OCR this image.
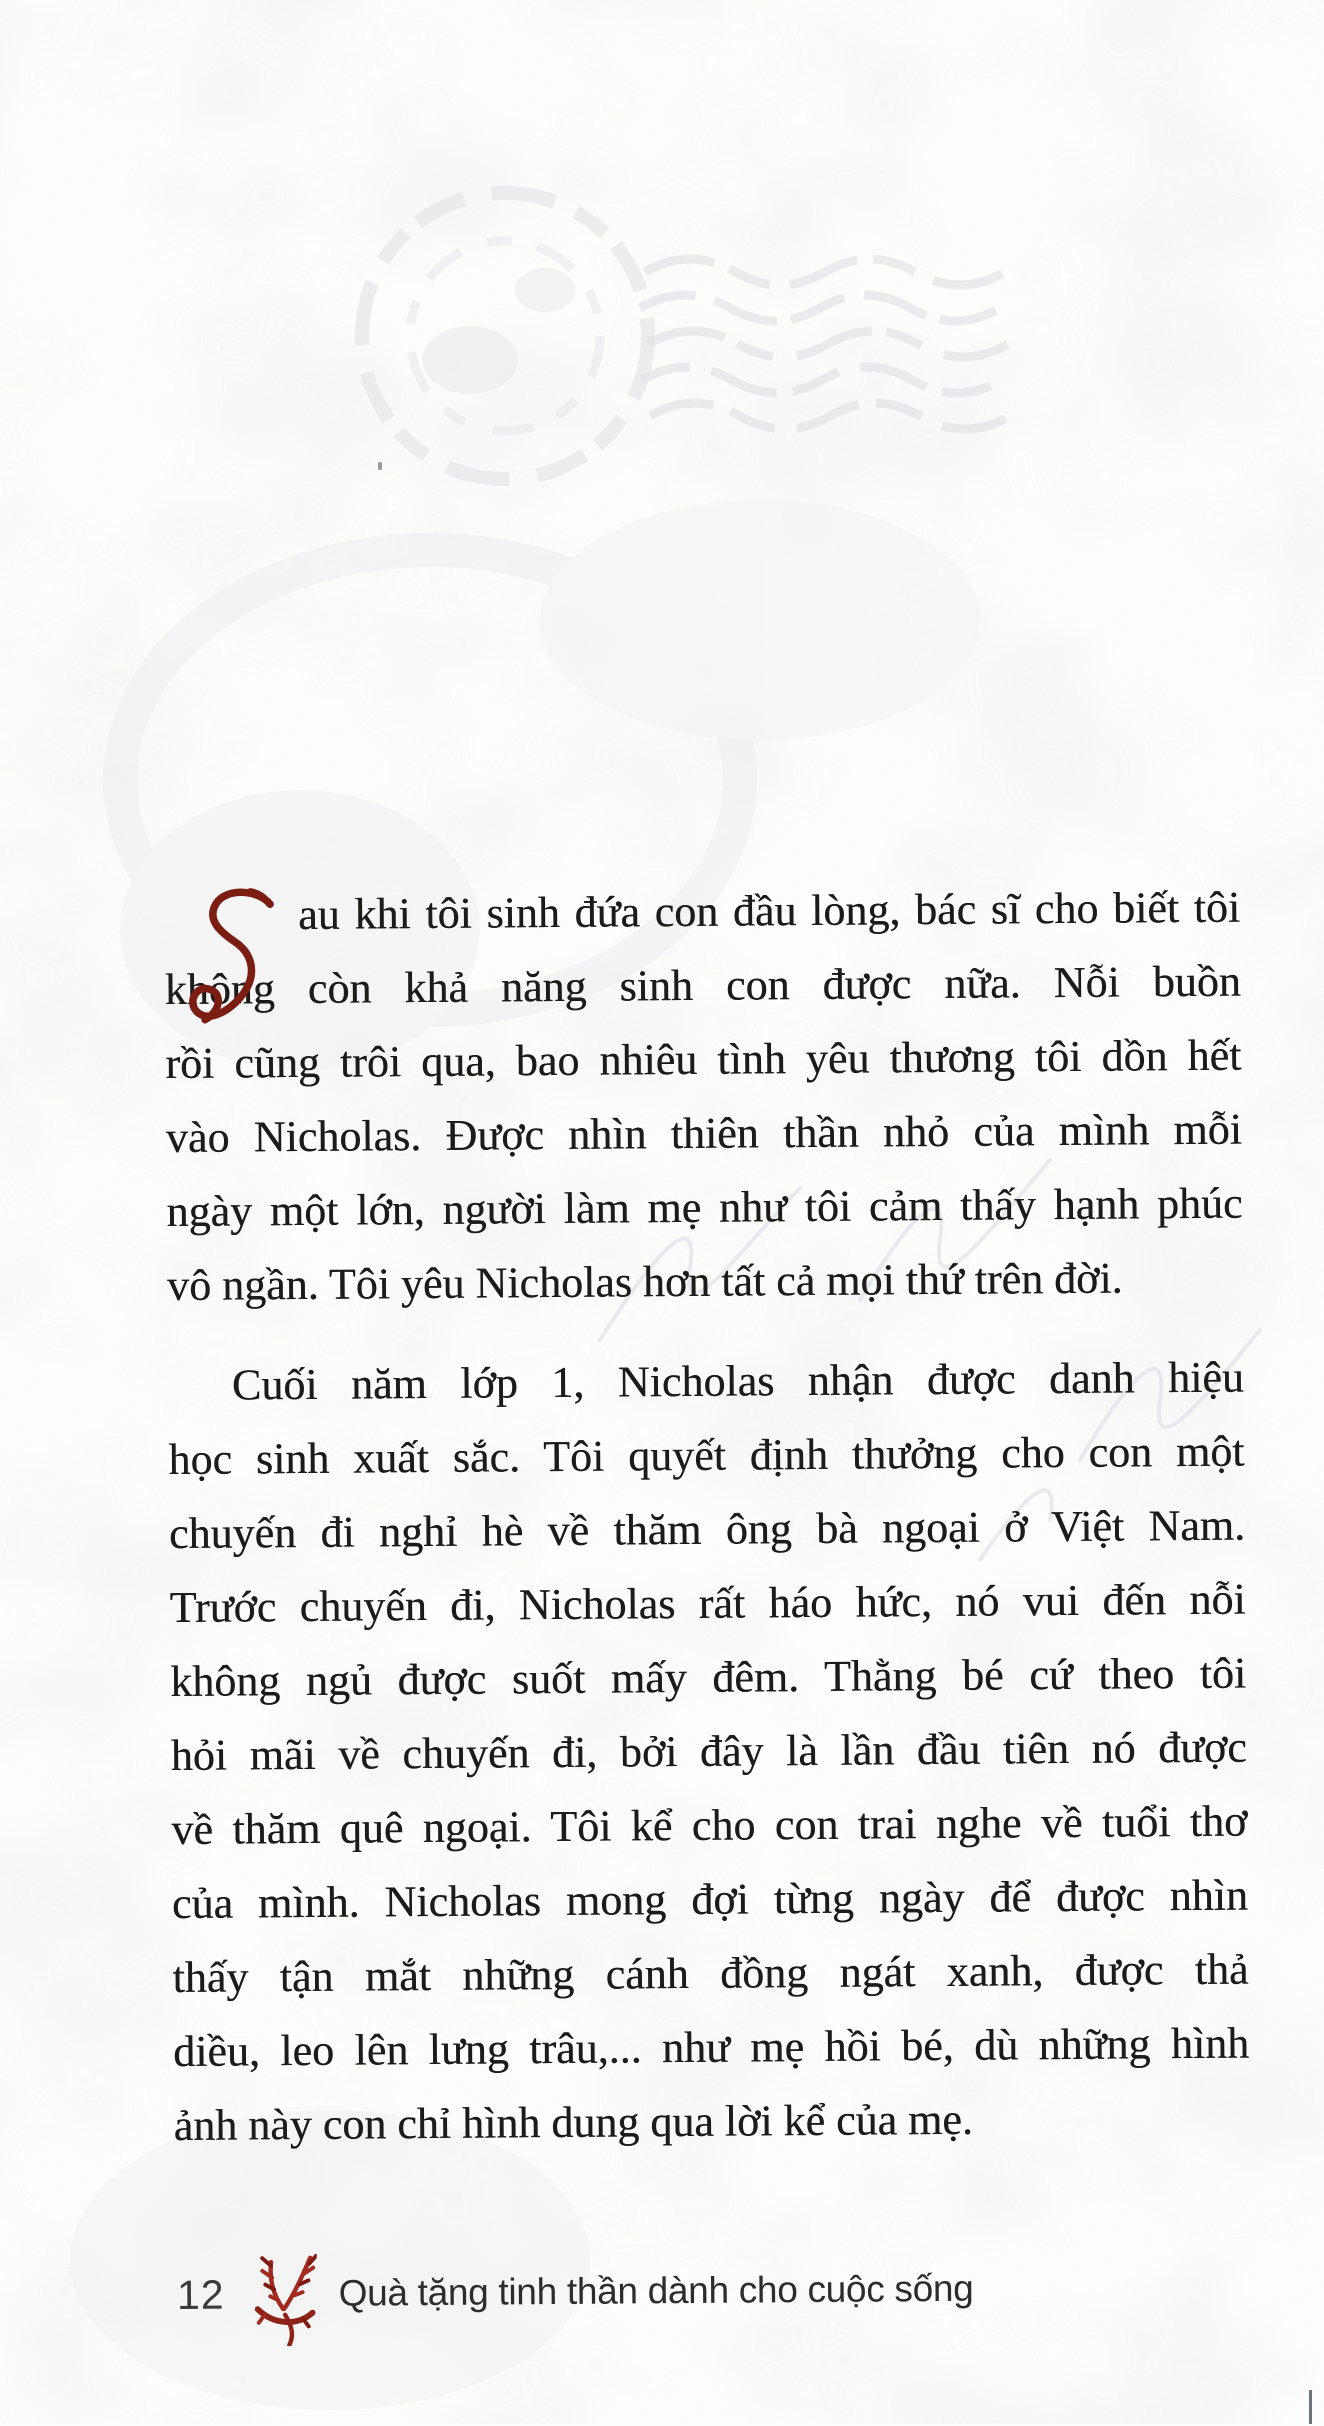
au khi tôi sinh đứa con đầu lòng, bác sĩ cho biết tôi
không còn khả năng sinh con được nữa. Nỗi buồn
rồi cũng trôi qua, bao nhiêu tình yêu thương tôi dồn hết
vào Nicholas. Được nhìn thiên thần nhỏ của mình mỗi
ngày một lớn, người làm mẹ như tôi cảm thấy hạnh phúc
vô ngần. Tôi yêu Nicholas hơn tất cả mọi thứ trên đời.
Cuối năm lớp 1, Nicholas nhận được danh hiệu
học sinh xuất sắc. Tôi quyết định thưởng cho con một
chuyến đi nghỉ hè về thăm ông bà ngoại ở Việt Nam.
Trước chuyến đi, Nicholas rất háo hức, nó vui đến nỗi
không ngủ được suốt mấy đêm. Thằng bé cứ theo tôi
hỏi mãi về chuyến đi, bởi đây là lần đầu tiên nó được
về thăm quê ngoại. Tôi kể cho con trai nghe về tuổi thơ
của mình. Nicholas mong đợi từng ngày để được nhìn
thấy tận mắt những cánh đồng ngát xanh, được thả
diều, leo lên lưng trâu,... như mẹ hồi bé, dù những hình
ảnh này con chỉ hình dung qua lời kể của mẹ.
12	Quà tặng tinh thần dành cho cuộc sống
